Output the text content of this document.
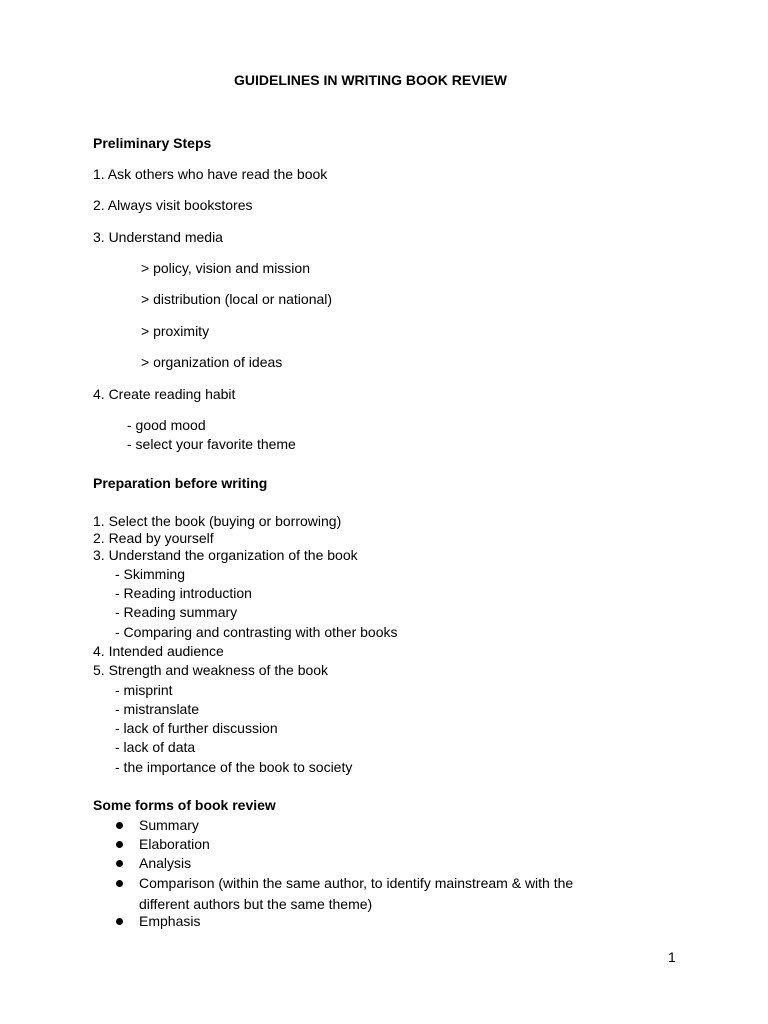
GUIDELINES IN WRITING BOOK REVIEW
Preliminary Steps
1. Ask others who have read the book
2. Always visit bookstores
3. Understand media
> policy, vision and mission
> distribution (local or national)
> proximity
> organization of ideas
4. Create reading habit
- good mood
- select your favorite theme
Preparation before writing
1. Select the book (buying or borrowing)
2. Read by yourself
3. Understand the organization of the book
- Skimming
- Reading introduction
- Reading summary
- Comparing and contrasting with other books
4. Intended audience
5. Strength and weakness of the book
- misprint
- mistranslate
- lack of further discussion
- lack of data
- the importance of the book to society
Some forms of book review
Summary
Elaboration
Analysis
Comparison (within the same author, to identify mainstream & with the
different authors but the same theme)
Emphasis
1
